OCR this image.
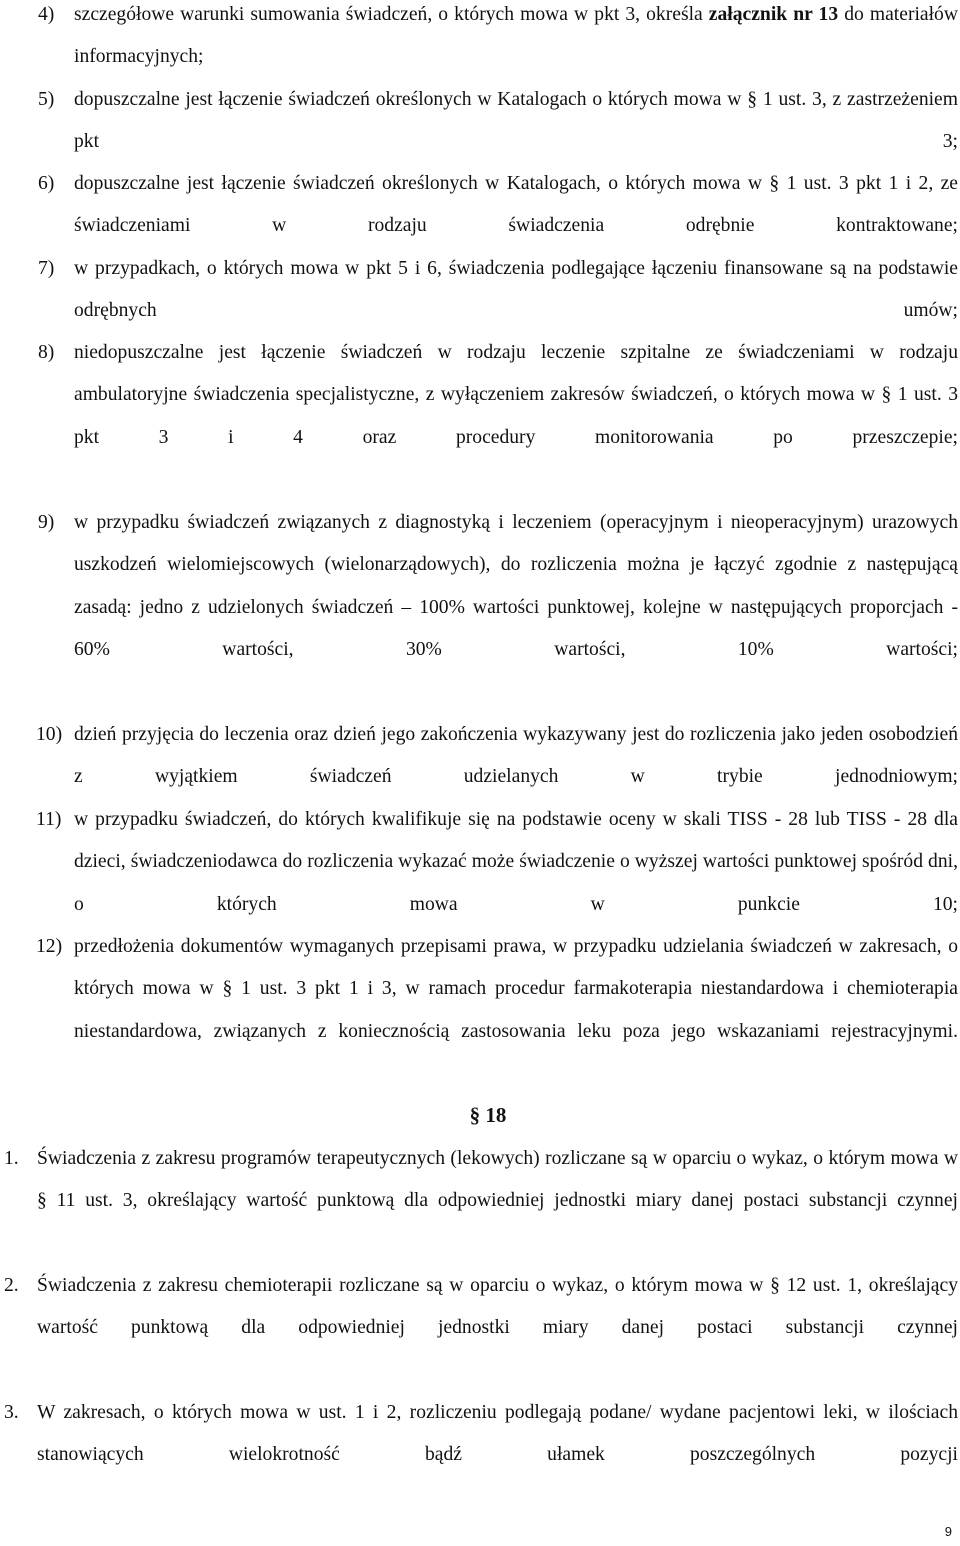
4) szczegółowe warunki sumowania świadczeń, o których mowa w pkt 3, określa załącznik nr 13 do materiałów informacyjnych;
5) dopuszczalne jest łączenie świadczeń określonych w Katalogach o których mowa w § 1 ust. 3, z zastrzeżeniem pkt 3;
6) dopuszczalne jest łączenie świadczeń określonych w Katalogach, o których mowa w § 1 ust. 3 pkt 1 i 2, ze świadczeniami w rodzaju świadczenia odrębnie kontraktowane;
7) w przypadkach, o których mowa w pkt 5 i 6, świadczenia podlegające łączeniu finansowane są na podstawie odrębnych umów;
8) niedopuszczalne jest łączenie świadczeń w rodzaju leczenie szpitalne ze świadczeniami w rodzaju ambulatoryjne świadczenia specjalistyczne, z wyłączeniem zakresów świadczeń, o których mowa w § 1 ust. 3 pkt 3 i 4 oraz procedury monitorowania po przeszczepie;
9) w przypadku świadczeń związanych z diagnostyką i leczeniem (operacyjnym i nieoperacyjnym) urazowych uszkodzeń wielomiejscowych (wielonarządowych), do rozliczenia można je łączyć zgodnie z następującą zasadą: jedno z udzielonych świadczeń – 100% wartości punktowej, kolejne w następujących proporcjach - 60% wartości, 30% wartości, 10% wartości;
10) dzień przyjęcia do leczenia oraz dzień jego zakończenia wykazywany jest do rozliczenia jako jeden osobodzień z wyjątkiem świadczeń udzielanych w trybie jednodniowym;
11) w przypadku świadczeń, do których kwalifikuje się na podstawie oceny w skali TISS - 28 lub TISS - 28 dla dzieci, świadczeniodawca do rozliczenia wykazać może świadczenie o wyższej wartości punktowej spośród dni, o których mowa w punkcie 10;
12) przedłożenia dokumentów wymaganych przepisami prawa, w przypadku udzielania świadczeń w zakresach, o których mowa w § 1 ust. 3 pkt 1 i 3, w ramach procedur farmakoterapia niestandardowa i chemioterapia niestandardowa, związanych z koniecznością zastosowania leku poza jego wskazaniami rejestracyjnymi.
§ 18
1. Świadczenia z zakresu programów terapeutycznych (lekowych) rozliczane są w oparciu o wykaz, o którym mowa w § 11 ust. 3, określający wartość punktową dla odpowiedniej jednostki miary danej postaci substancji czynnej
2. Świadczenia z zakresu chemioterapii rozliczane są w oparciu o wykaz, o którym mowa w § 12 ust. 1, określający wartość punktową dla odpowiedniej jednostki miary danej postaci substancji czynnej
3. W zakresach, o których mowa w ust. 1 i 2, rozliczeniu podlegają podane/ wydane pacjentowi leki, w ilościach stanowiących wielokrotność bądź ułamek poszczególnych pozycji
9
